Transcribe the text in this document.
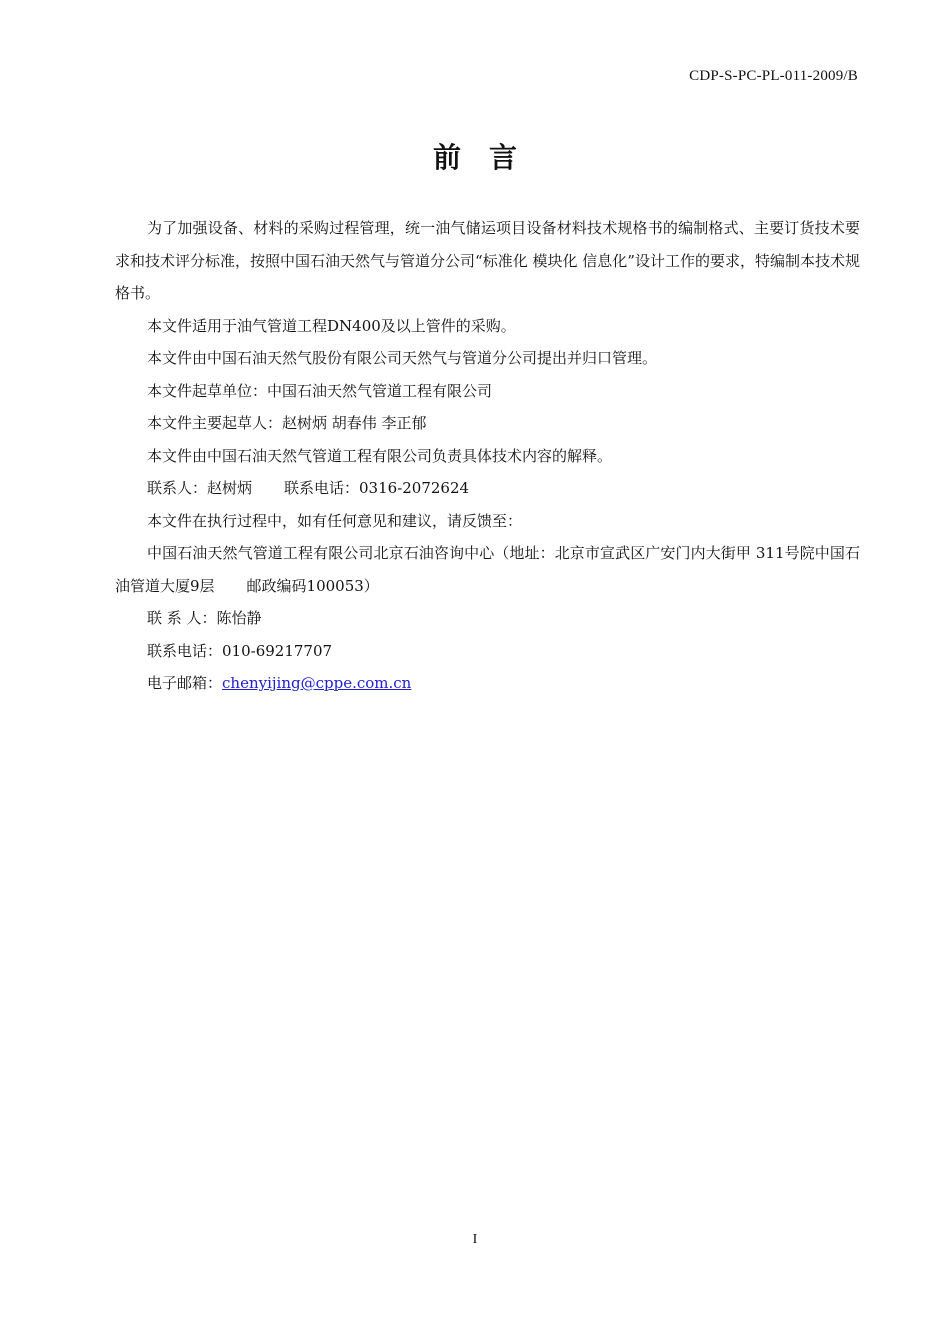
CDP-S-PC-PL-011-2009/B
前言

为了加强设备、材料的采购过程管理，统一油气储运项目设备材料技术规格书的编制格式、主要订货技术要求和技术评分标准，按照中国石油天然气与管道分公司“标准化 模块化 信息化”设计工作的要求，特编制本技术规格书。

本文件适用于油气管道工程DN400及以上管件的采购。

本文件由中国石油天然气股份有限公司天然气与管道分公司提出并归口管理。

本文件起草单位：中国石油天然气管道工程有限公司

本文件主要起草人：赵树炳 胡春伟 李正郁

本文件由中国石油天然气管道工程有限公司负责具体技术内容的解释。

联系人：赵树炳 联系电话：0316-2072624

本文件在执行过程中，如有任何意见和建议，请反馈至：

中国石油天然气管道工程有限公司北京石油咨询中心（地址：北京市宣武区广安门内大街甲 311号院中国石油管道大厦9层 邮政编码100053）

联 系 人：陈怡静

联系电话：010-69217707

电子邮箱：chenyijing@cppe.com.cn

I
